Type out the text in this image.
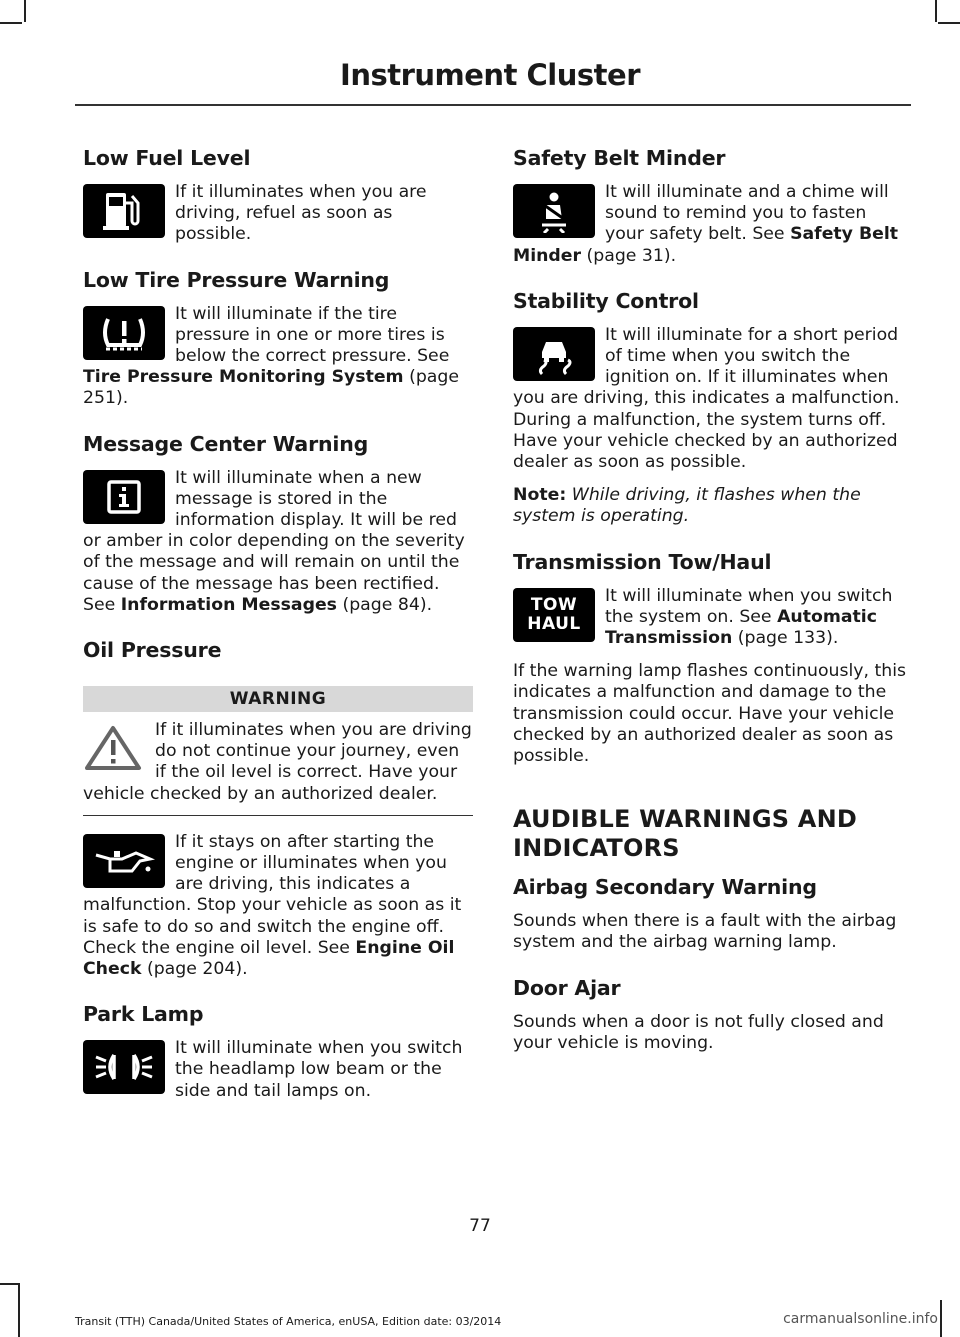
Instrument Cluster
Low Fuel Level

If it illuminates when you are driving, refuel as soon as possible.

Low Tire Pressure Warning

It will illuminate if the tire pressure in one or more tires is below the correct pressure. See Tire Pressure Monitoring System (page 251).

Message Center Warning

It will illuminate when a new message is stored in the information display. It will be red or amber in color depending on the severity of the message and will remain on until the cause of the message has been rectified. See Information Messages (page 84).

Oil Pressure
WARNING

If it illuminates when you are driving do not continue your journey, even if the oil level is correct. Have your vehicle checked by an authorized dealer.

If it stays on after starting the engine or illuminates when you are driving, this indicates a malfunction. Stop your vehicle as soon as it is safe to do so and switch the engine off. Check the engine oil level. See Engine Oil Check (page 204).

Park Lamp

It will illuminate when you switch the headlamp low beam or the side and tail lamps on.

Safety Belt Minder

It will illuminate and a chime will sound to remind you to fasten your safety belt. See Safety Belt Minder (page 31).

Stability Control

It will illuminate for a short period of time when you switch the ignition on. If it illuminates when you are driving, this indicates a malfunction. During a malfunction, the system turns off. Have your vehicle checked by an authorized dealer as soon as possible.

Note: While driving, it flashes when the system is operating.

Transmission Tow/Haul
TOW
HAUL

It will illuminate when you switch the system on. See Automatic Transmission (page 133).

If the warning lamp flashes continuously, this indicates a malfunction and damage to the transmission could occur. Have your vehicle checked by an authorized dealer as soon as possible.

AUDIBLE WARNINGS AND INDICATORS
Airbag Secondary Warning

Sounds when there is a fault with the airbag system and the airbag warning lamp.

Door Ajar

Sounds when a door is not fully closed and your vehicle is moving.

77
Transit (TTH) Canada/United States of America, enUSA, Edition date: 03/2014	carmanualsonline.info
